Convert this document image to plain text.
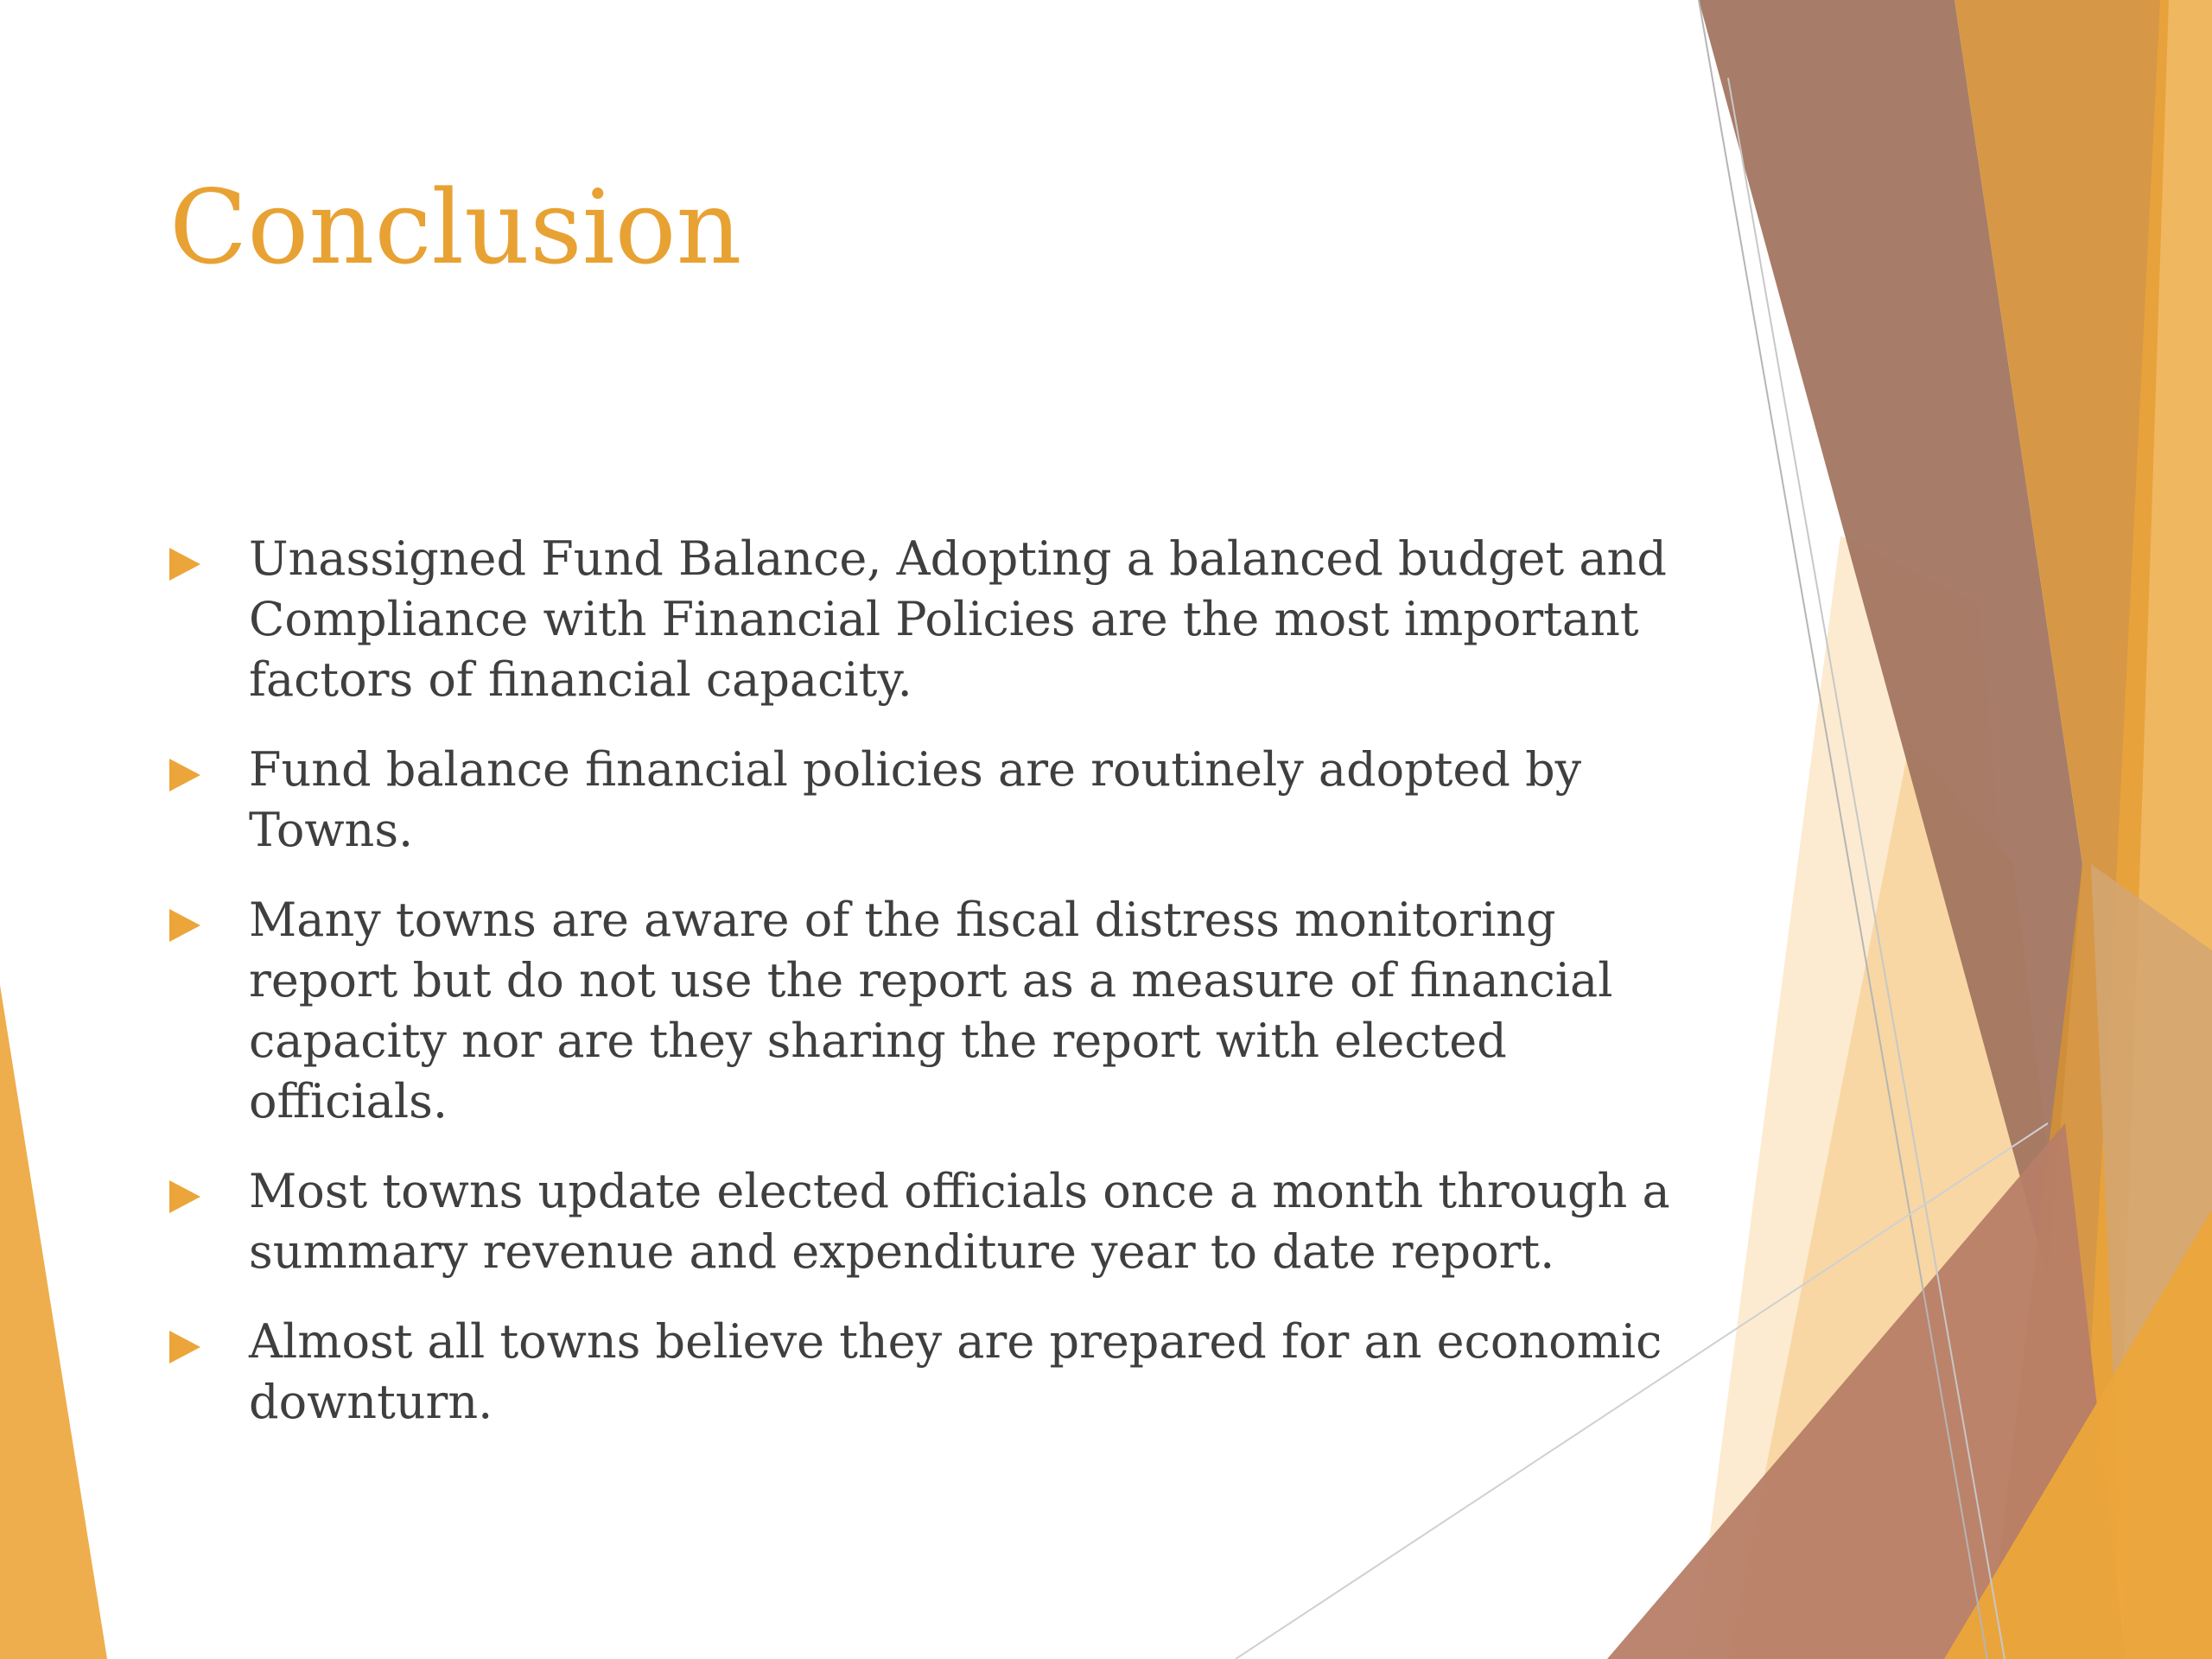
Conclusion
Unassigned Fund Balance, Adopting a balanced budget and Compliance with Financial Policies are the most important factors of financial capacity.
Fund balance financial policies are routinely adopted by Towns.
Many towns are aware of the fiscal distress monitoring report but do not use the report as a measure of financial capacity nor are they sharing the report with elected officials.
Most towns update elected officials once a month through a summary revenue and expenditure year to date report.
Almost all towns believe they are prepared for an economic downturn.
